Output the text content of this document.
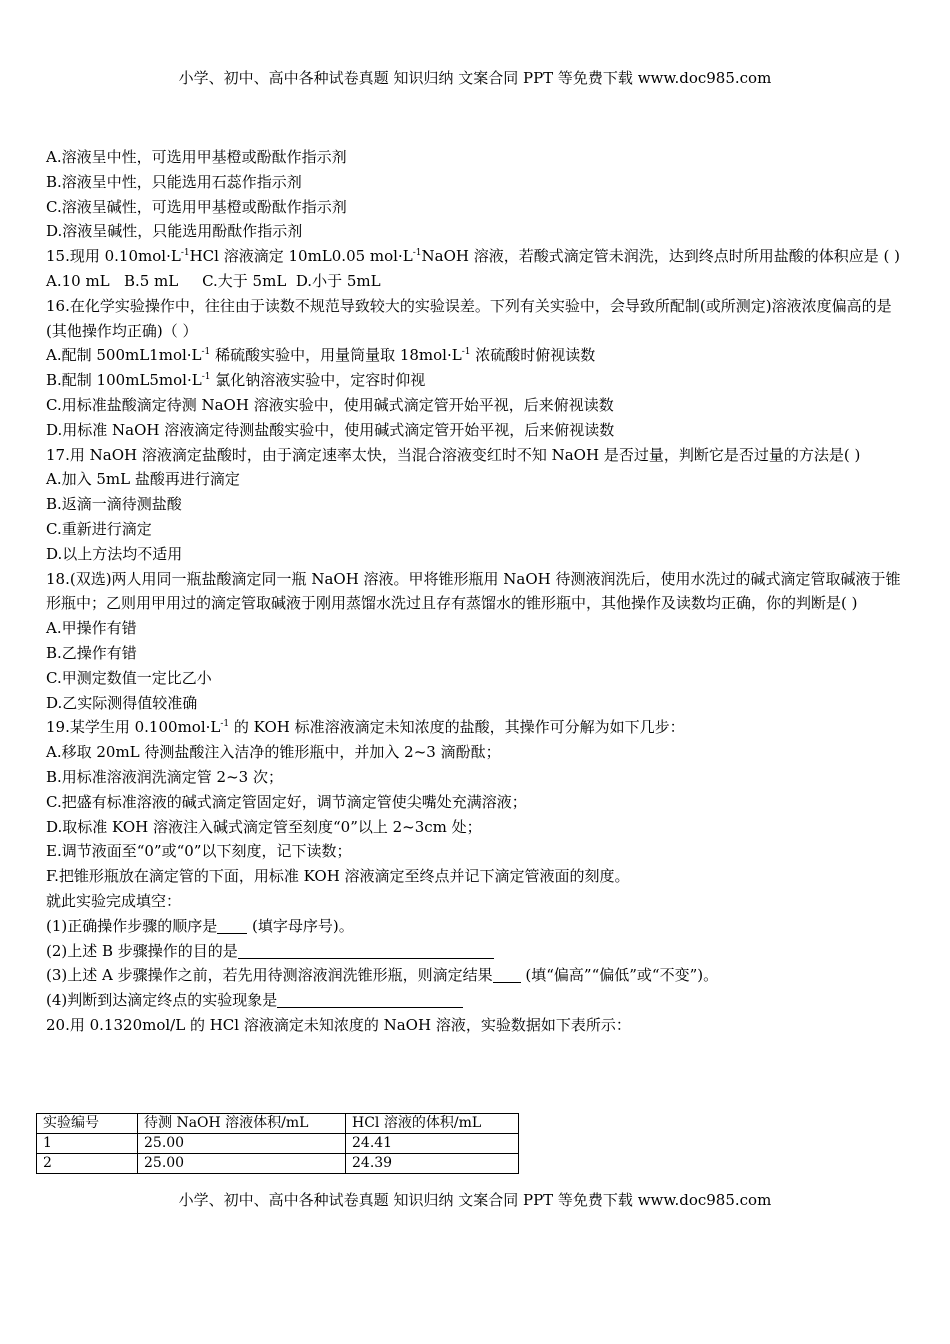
小学、初中、高中各种试卷真题 知识归纳 文案合同 PPT 等免费下载 www.doc985.com
A.溶液呈中性，可选用甲基橙或酚酞作指示剂
B.溶液呈中性，只能选用石蕊作指示剂
C.溶液呈碱性，可选用甲基橙或酚酞作指示剂
D.溶液呈碱性，只能选用酚酞作指示剂
15.现用 $0.10mol\cdot L^{-1}HCl$ 溶液滴定 10mL0.05 $mol\cdot L^{-1}NaOH$ 溶液，若酸式滴定管未润洗，达到终点时所用盐酸的体积应是 ( )
A.10 mL   B.5 mL     C.大于 5mL  D.小于 5mL
16.在化学实验操作中，往往由于读数不规范导致较大的实验误差。下列有关实验中，会导致所配制(或所测定)溶液浓度偏高的是(其他操作均正确)（ ）
A.配制 $500mL1mol\cdot L^{-1}$ 稀硫酸实验中，用量筒量取 $18mol\cdot L^{-1}$ 浓硫酸时俯视读数
B.配制 $100mL5mol\cdot L^{-1}$ 氯化钠溶液实验中，定容时仰视
C.用标准盐酸滴定待测 NaOH 溶液实验中，使用碱式滴定管开始平视，后来俯视读数
D.用标准 NaOH 溶液滴定待测盐酸实验中，使用碱式滴定管开始平视，后来俯视读数
17.用 NaOH 溶液滴定盐酸时，由于滴定速率太快，当混合溶液变红时不知 NaOH 是否过量，判断它是否过量的方法是( )
A.加入 5mL 盐酸再进行滴定
B.返滴一滴待测盐酸
C.重新进行滴定
D.以上方法均不适用
18.(双选)两人用同一瓶盐酸滴定同一瓶 NaOH 溶液。甲将锥形瓶用 NaOH 待测液润洗后，使用水洗过的碱式滴定管取碱液于锥形瓶中；乙则用甲用过的滴定管取碱液于刚用蒸馏水洗过且存有蒸馏水的锥形瓶中，其他操作及读数均正确，你的判断是( )
A.甲操作有错
B.乙操作有错
C.甲测定数值一定比乙小
D.乙实际测得值较准确
19.某学生用 $0.100mol\cdot L^{-1}$ 的 KOH 标准溶液滴定未知浓度的盐酸，其操作可分解为如下几步：
A.移取 20mL 待测盐酸注入洁净的锥形瓶中，并加入 2~3 滴酚酞；
B.用标准溶液润洗滴定管 2~3 次；
C.把盛有标准溶液的碱式滴定管固定好，调节滴定管使尖嘴处充满溶液；
D.取标准 KOH 溶液注入碱式滴定管至刻度“0”以上 2~3cm 处；
E.调节液面至“0”或“0”以下刻度，记下读数；
F.把锥形瓶放在滴定管的下面，用标准 KOH 溶液滴定至终点并记下滴定管液面的刻度。
就此实验完成填空：
(1)正确操作步骤的顺序是 (填字母序号)。
(2)上述 B 步骤操作的目的是
(3)上述 A 步骤操作之前，若先用待测溶液润洗锥形瓶，则滴定结果 (填“偏高”“偏低”或“不变”)。
(4)判断到达滴定终点的实验现象是
20.用 0.1320mol/L 的 HCl 溶液滴定未知浓度的 NaOH 溶液，实验数据如下表所示：
实验编号	待测 NaOH 溶液体积/mL	HCl 溶液的体积/mL
1	25.00	24.41
2	25.00	24.39
小学、初中、高中各种试卷真题 知识归纳 文案合同 PPT 等免费下载 www.doc985.com
